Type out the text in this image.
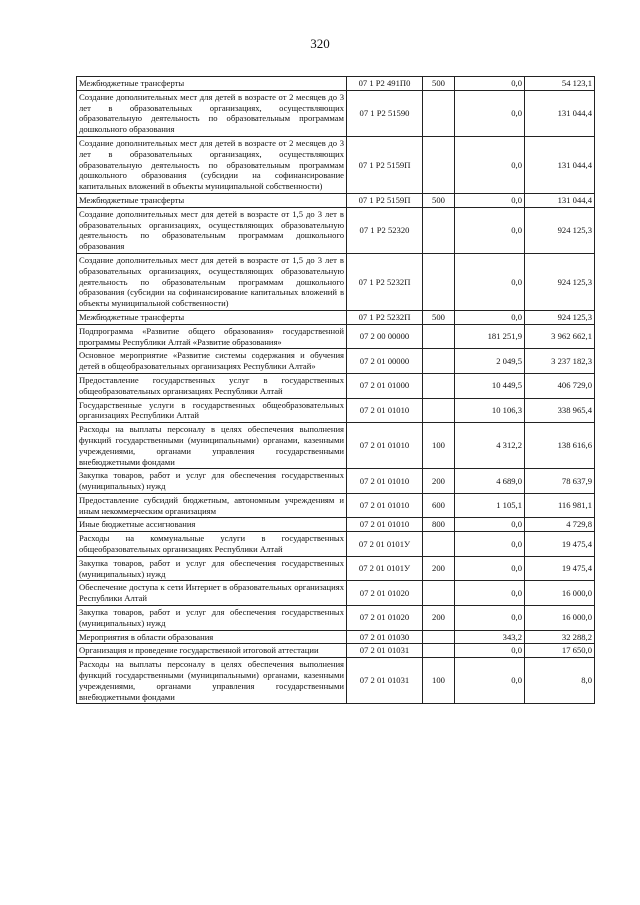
320
Межбюджетные трансферты	07 1 P2 491П0	500	0,0	54 123,1
Создание дополнительных мест для детей в возрасте от 2 месяцев до 3 лет в образовательных организациях, осуществляющих образовательную деятельность по образовательным программам дошкольного образования	07 1 P2 51590		0,0	131 044,4
Создание дополнительных мест для детей в возрасте от 2 месяцев до 3 лет в образовательных организациях, осуществляющих образовательную деятельность по образовательным программам дошкольного образования (субсидии на софинансирование капитальных вложений в объекты муниципальной собственности)	07 1 P2 5159П		0,0	131 044,4
Межбюджетные трансферты	07 1 P2 5159П	500	0,0	131 044,4
Создание дополнительных мест для детей в возрасте от 1,5 до 3 лет в образовательных организациях, осуществляющих образовательную деятельность по образовательным программам дошкольного образования	07 1 P2 52320		0,0	924 125,3
Создание дополнительных мест для детей в возрасте от 1,5 до 3 лет в образовательных организациях, осуществляющих образовательную деятельность по образовательным программам дошкольного образования (субсидии на софинансирование капитальных вложений в объекты муниципальной собственности)	07 1 P2 5232П		0,0	924 125,3
Межбюджетные трансферты	07 1 P2 5232П	500	0,0	924 125,3
Подпрограмма «Развитие общего образования» государственной программы Республики Алтай «Развитие образования»	07 2 00 00000		181 251,9	3 962 662,1
Основное мероприятие «Развитие системы содержания и обучения детей в общеобразовательных организациях Республики Алтай»	07 2 01 00000		2 049,5	3 237 182,3
Предоставление государственных услуг в государственных общеобразовательных организациях Республики Алтай	07 2 01 01000		10 449,5	406 729,0
Государственные услуги в государственных общеобразовательных организациях Республики Алтай	07 2 01 01010		10 106,3	338 965,4
Расходы на выплаты персоналу в целях обеспечения выполнения функций государственными (муниципальными) органами, казенными учреждениями, органами управления государственными внебюджетными фондами	07 2 01 01010	100	4 312,2	138 616,6
Закупка товаров, работ и услуг для обеспечения государственных (муниципальных) нужд	07 2 01 01010	200	4 689,0	78 637,9
Предоставление субсидий бюджетным, автономным учреждениям и иным некоммерческим организациям	07 2 01 01010	600	1 105,1	116 981,1
Иные бюджетные ассигнования	07 2 01 01010	800	0,0	4 729,8
Расходы на коммунальные услуги в государственных общеобразовательных организациях Республики Алтай	07 2 01 0101У		0,0	19 475,4
Закупка товаров, работ и услуг для обеспечения государственных (муниципальных) нужд	07 2 01 0101У	200	0,0	19 475,4
Обеспечение доступа к сети Интернет в образовательных организациях Республики Алтай	07 2 01 01020		0,0	16 000,0
Закупка товаров, работ и услуг для обеспечения государственных (муниципальных) нужд	07 2 01 01020	200	0,0	16 000,0
Мероприятия в области образования	07 2 01 01030		343,2	32 288,2
Организация и проведение государственной итоговой аттестации	07 2 01 01031		0,0	17 650,0
Расходы на выплаты персоналу в целях обеспечения выполнения функций государственными (муниципальными) органами, казенными учреждениями, органами управления государственными внебюджетными фондами	07 2 01 01031	100	0,0	8,0
